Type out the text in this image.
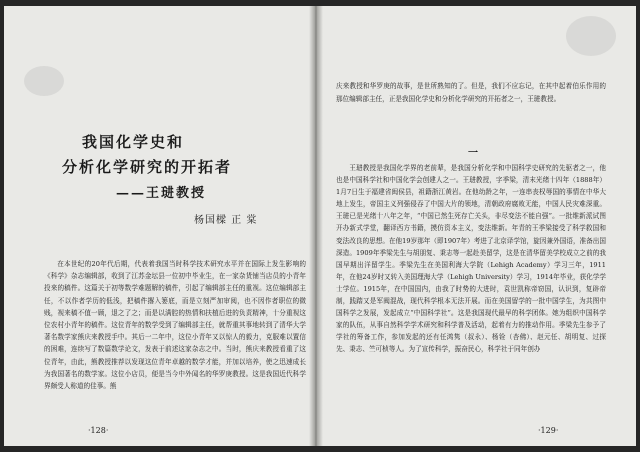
我国化学史和
分析化学研究的开拓者
——王琎教授
杨国樑 正 棠

在本世纪的20年代后期，代表着我国当时科学技术研究水平并在国际上发生影响的《科学》杂志编辑部，收到了江苏金坛县一位初中毕业生，在一家杂货铺当店员的小青年投来的稿件。这篇关于初等数学难题解的稿件，引起了编辑部主任的重视。这位编辑部主任，不以作者学历的低浅，把稿件撂入篓底，而是立刻严加审阅，也不因作者职位的微贱，视来稿不值一顾，退之了之；而是以满腔的热情和扶植后进的负责精神，十分重视这位农村小青年的稿件。这位青年的数学受到了编辑部主任，就帮重其事地转到了清华大学著名数学家熊庆来教授手中。其后一二年中，这位小青年又以惊人的毅力，克服难以置信的困难，连续写了数篇数学论文，发表于前述这家杂志之中。当时，熊庆来教授看重了这位青年，由此，熊教授推荐以发现这位青年卓越的数学才能，并加以培养，使之迅速成长为我国著名的数学家。这位小店员，便是当今中外闻名的华罗庚教授。这是我国近代科学界颇受人称道的佳事。熊

·128·

庆来教授和华罗庚的故事，是世所熟知的了。但是，我们不应忘记，在其中起着伯乐作用的那位编辑部主任，正是我国化学史和分析化学研究的开拓者之一，王琎教授。

一

王琎教授是我国化学界的老前辈，是我国分析化学和中国科学史研究的先驱者之一，他也是中国科学社和中国化学会创建人之一。王琎教授，字季梁，清末光绪十四年（1888年）1月7日生于福建省闽侯县，祖籍浙江黄岩。在他幼龄之年，一连串丧权辱国的事情在中华大地上发生，帝国主义列强侵吞了中国大片的领地，清朝政府腐败无能，中国人民灾难深重。王琎已是光绪十八年之年，“中国已然生死存亡关头，非尽变法不能自强”。一批维新派试图开办新式学堂，翻译西方书籍，摸仿资本主义，变法维新。年青的王季梁接受了科学救国和变法改良的思想。在他19岁那年（即1907年）考进了北京译学馆，旋因兼外国语，准备出国深造。1909年季梁先生与胡朋复、秉志等一起赴美留学，这是在清华留美学校成立之前的我国早期出洋留学生。季梁先生在美国利海大学院（Lehigh Academy）学习三年，1911年，在他24岁时又转入美国理海大学（Lehigh University）学习，1914年毕业，获化学学士学位。1915年，在中国国内，由我了时势的大进时，袁世凯称帝窃国，认识到，复辟帝制，践踏又是军阀混战，现代科学根本无法开展。而在美国留学的一批中国学生，为共图中国科学之发展，发起成立“中国科学社”。这是我国现代最早的科学团体。她为组织中国科学家的队伍，从事自然科学学术研究和科学普及活动，起着有力的推动作用。季梁先生参予了学社的筹备工作，参加发起的还有任鸿隽（叔永）、杨铨（杏佛）、赵元任、胡明复、过探先、秉志、竺可桢等人。为了宣传科学，振奋民心，科学社于同年创办

·129·
